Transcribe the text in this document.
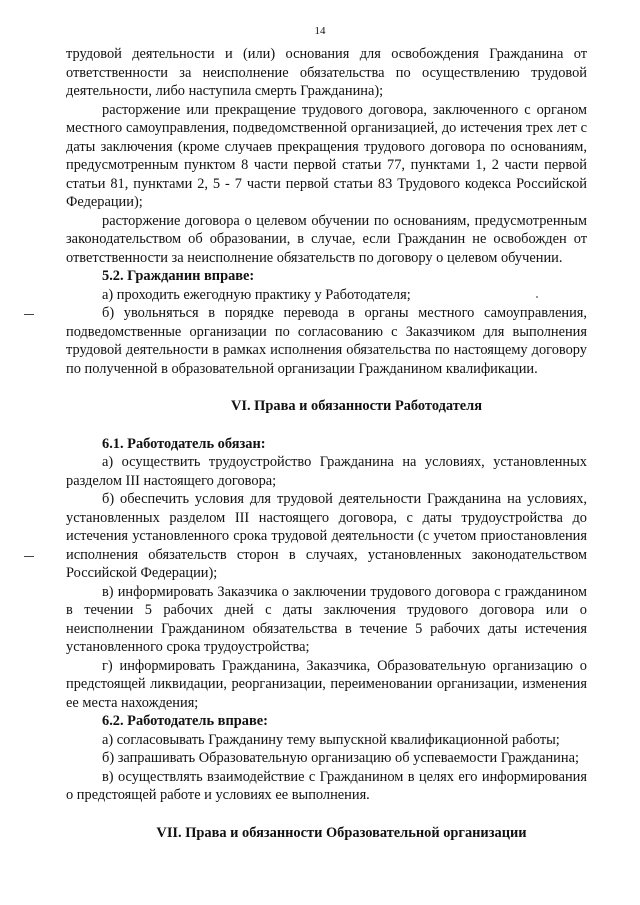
14

трудовой деятельности и (или) основания для освобождения Гражданина от ответственности за неисполнение обязательства по осуществлению трудовой деятельности, либо наступила смерть Гражданина);

расторжение или прекращение трудового договора, заключенного с органом местного самоуправления, подведомственной организацией, до истечения трех лет с даты заключения (кроме случаев прекращения трудового договора по основаниям, предусмотренным пунктом 8 части первой статьи 77, пунктами 1, 2 части первой статьи 81, пунктами 2, 5 - 7 части первой статьи 83 Трудового кодекса Российской Федерации);

расторжение договора о целевом обучении по основаниям, предусмотренным законодательством об образовании, в случае, если Гражданин не освобожден от ответственности за неисполнение обязательств по договору о целевом обучении.

5.2. Гражданин вправе:

а) проходить ежегодную практику у Работодателя;

б) увольняться в порядке перевода в органы местного самоуправления, подведомственные организации по согласованию с Заказчиком для выполнения трудовой деятельности в рамках исполнения обязательства по настоящему договору по полученной в образовательной организации Гражданином квалификации.

VI. Права и обязанности Работодателя

6.1. Работодатель обязан:

а) осуществить трудоустройство Гражданина на условиях, установленных разделом III настоящего договора;

б) обеспечить условия для трудовой деятельности Гражданина на условиях, установленных разделом III настоящего договора, с даты трудоустройства до истечения установленного срока трудовой деятельности (с учетом приостановления исполнения обязательств сторон в случаях, установленных законодательством Российской Федерации);

в) информировать Заказчика о заключении трудового договора с гражданином в течении 5 рабочих дней с даты заключения трудового договора или о неисполнении Гражданином обязательства в течение 5 рабочих даты истечения установленного срока трудоустройства;

г) информировать Гражданина, Заказчика, Образовательную организацию о предстоящей ликвидации, реорганизации, переименовании организации, изменения ее места нахождения;

6.2. Работодатель вправе:

а) согласовывать Гражданину тему выпускной квалификационной работы;

б) запрашивать Образовательную организацию об успеваемости Гражданина;

в) осуществлять взаимодействие с Гражданином в целях его информирования о предстоящей работе и условиях ее выполнения.

VII. Права и обязанности Образовательной организации
